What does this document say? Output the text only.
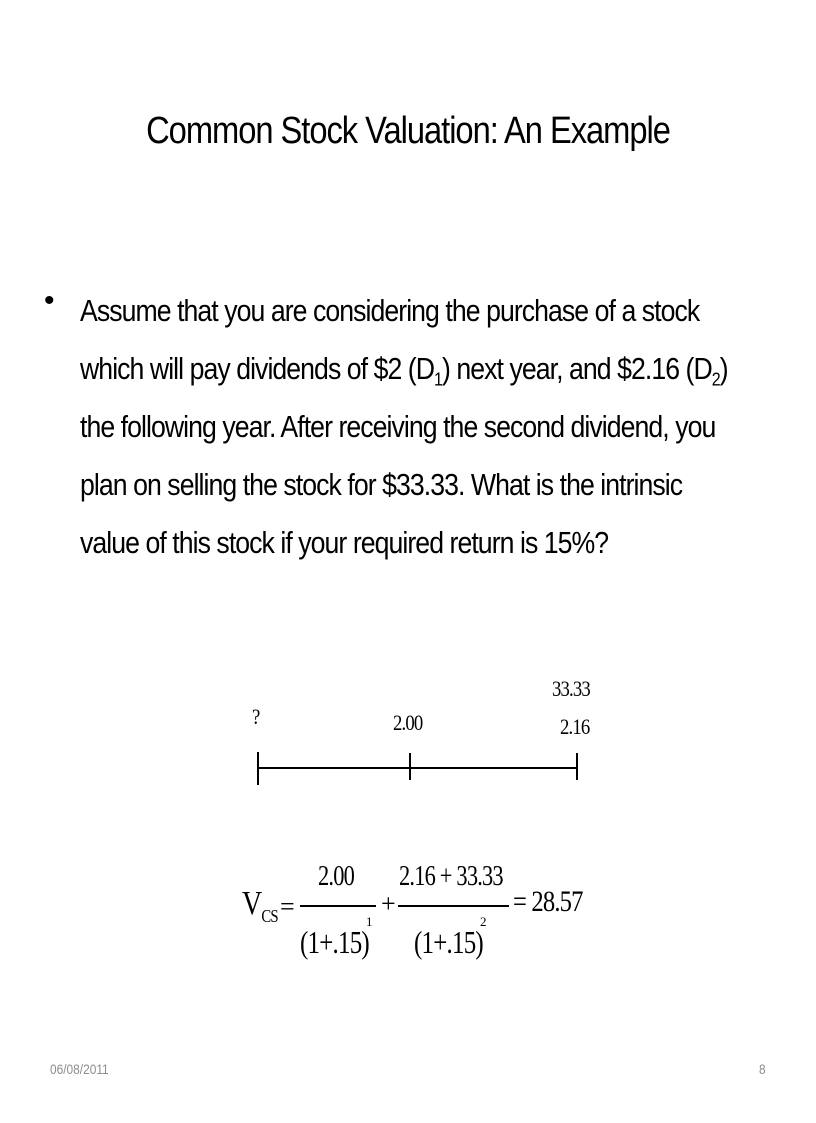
Common Stock Valuation: An Example
• Assume that you are considering the purchase of a stock
which will pay dividends of $2 $(D_1)$ next year, and $2.16 $(D_2)$
the following year. After receiving the second dividend, you
plan on selling the stock for $33.33. What is the intrinsic
value of this stock if your required return is 15%?
?	2.00
33.33
2.16
$V_{CS}$ =
2.00
(1+.15)
1
+
2.16 + 33.33
(1+.15)
2
= 28.57
06/08/2011	8
